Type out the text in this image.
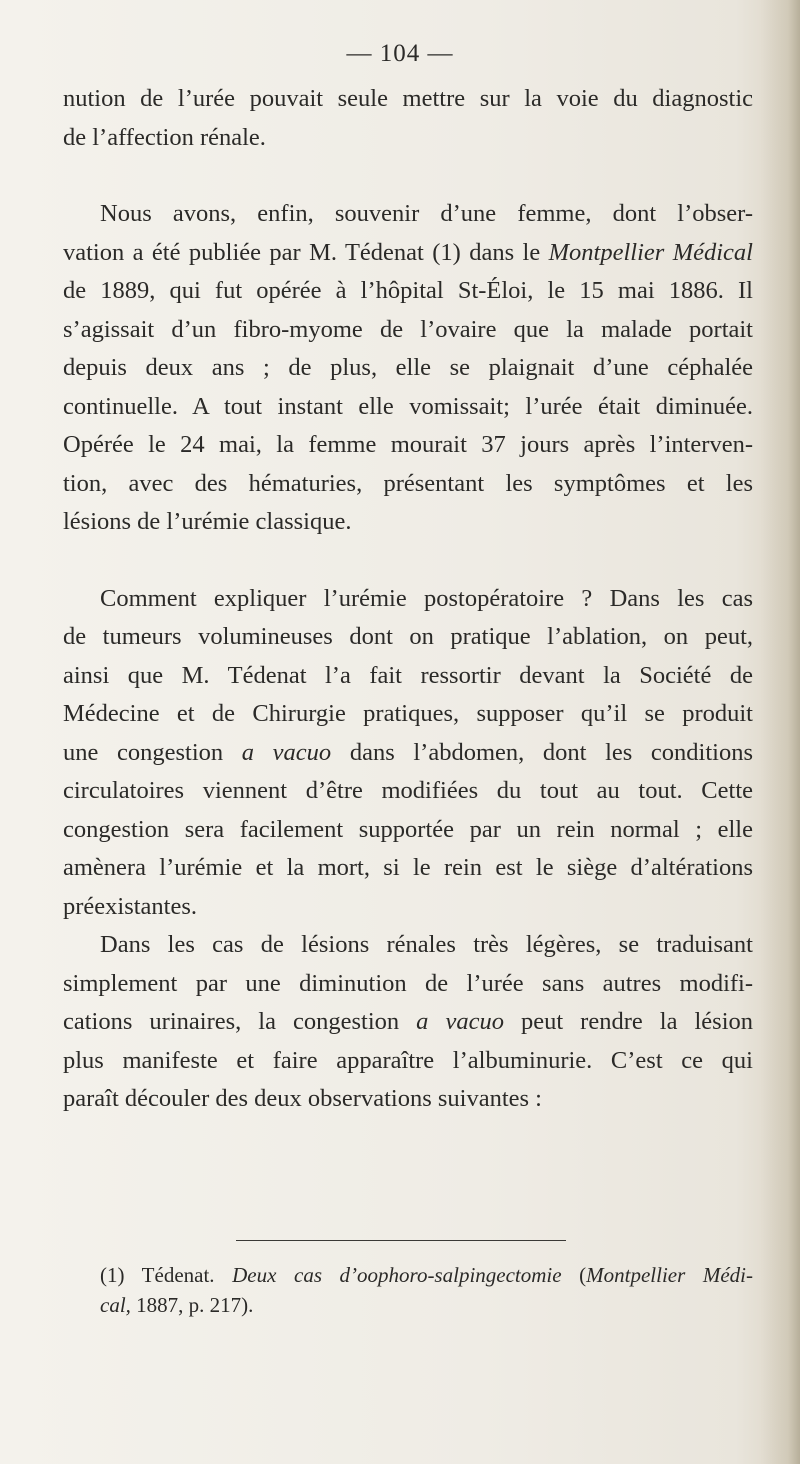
— 104 —
nution de l’urée pouvait seule mettre sur la voie du diagnostic
de l’affection rénale.
Nous avons, enfin, souvenir d’une femme, dont l’obser-
vation a été publiée par M. Tédenat (1) dans le Montpellier Médical
de 1889, qui fut opérée à l’hôpital St-Éloi, le 15 mai 1886. Il
s’agissait d’un fibro-myome de l’ovaire que la malade portait
depuis deux ans ; de plus, elle se plaignait d’une céphalée
continuelle. A tout instant elle vomissait; l’urée était diminuée.
Opérée le 24 mai, la femme mourait 37 jours après l’interven-
tion, avec des hématuries, présentant les symptômes et les
lésions de l’urémie classique.
Comment expliquer l’urémie postopératoire ? Dans les cas
de tumeurs volumineuses dont on pratique l’ablation, on peut,
ainsi que M. Tédenat l’a fait ressortir devant la Société de
Médecine et de Chirurgie pratiques, supposer qu’il se produit
une congestion a vacuo dans l’abdomen, dont les conditions
circulatoires viennent d’être modifiées du tout au tout. Cette
congestion sera facilement supportée par un rein normal ; elle
amènera l’urémie et la mort, si le rein est le siège d’altérations
préexistantes.
Dans les cas de lésions rénales très légères, se traduisant
simplement par une diminution de l’urée sans autres modifi-
cations urinaires, la congestion a vacuo peut rendre la lésion
plus manifeste et faire apparaître l’albuminurie. C’est ce qui
paraît découler des deux observations suivantes :
(1) Tédenat. Deux cas d’oophoro-salpingectomie (Montpellier Médi-
cal, 1887, p. 217).
